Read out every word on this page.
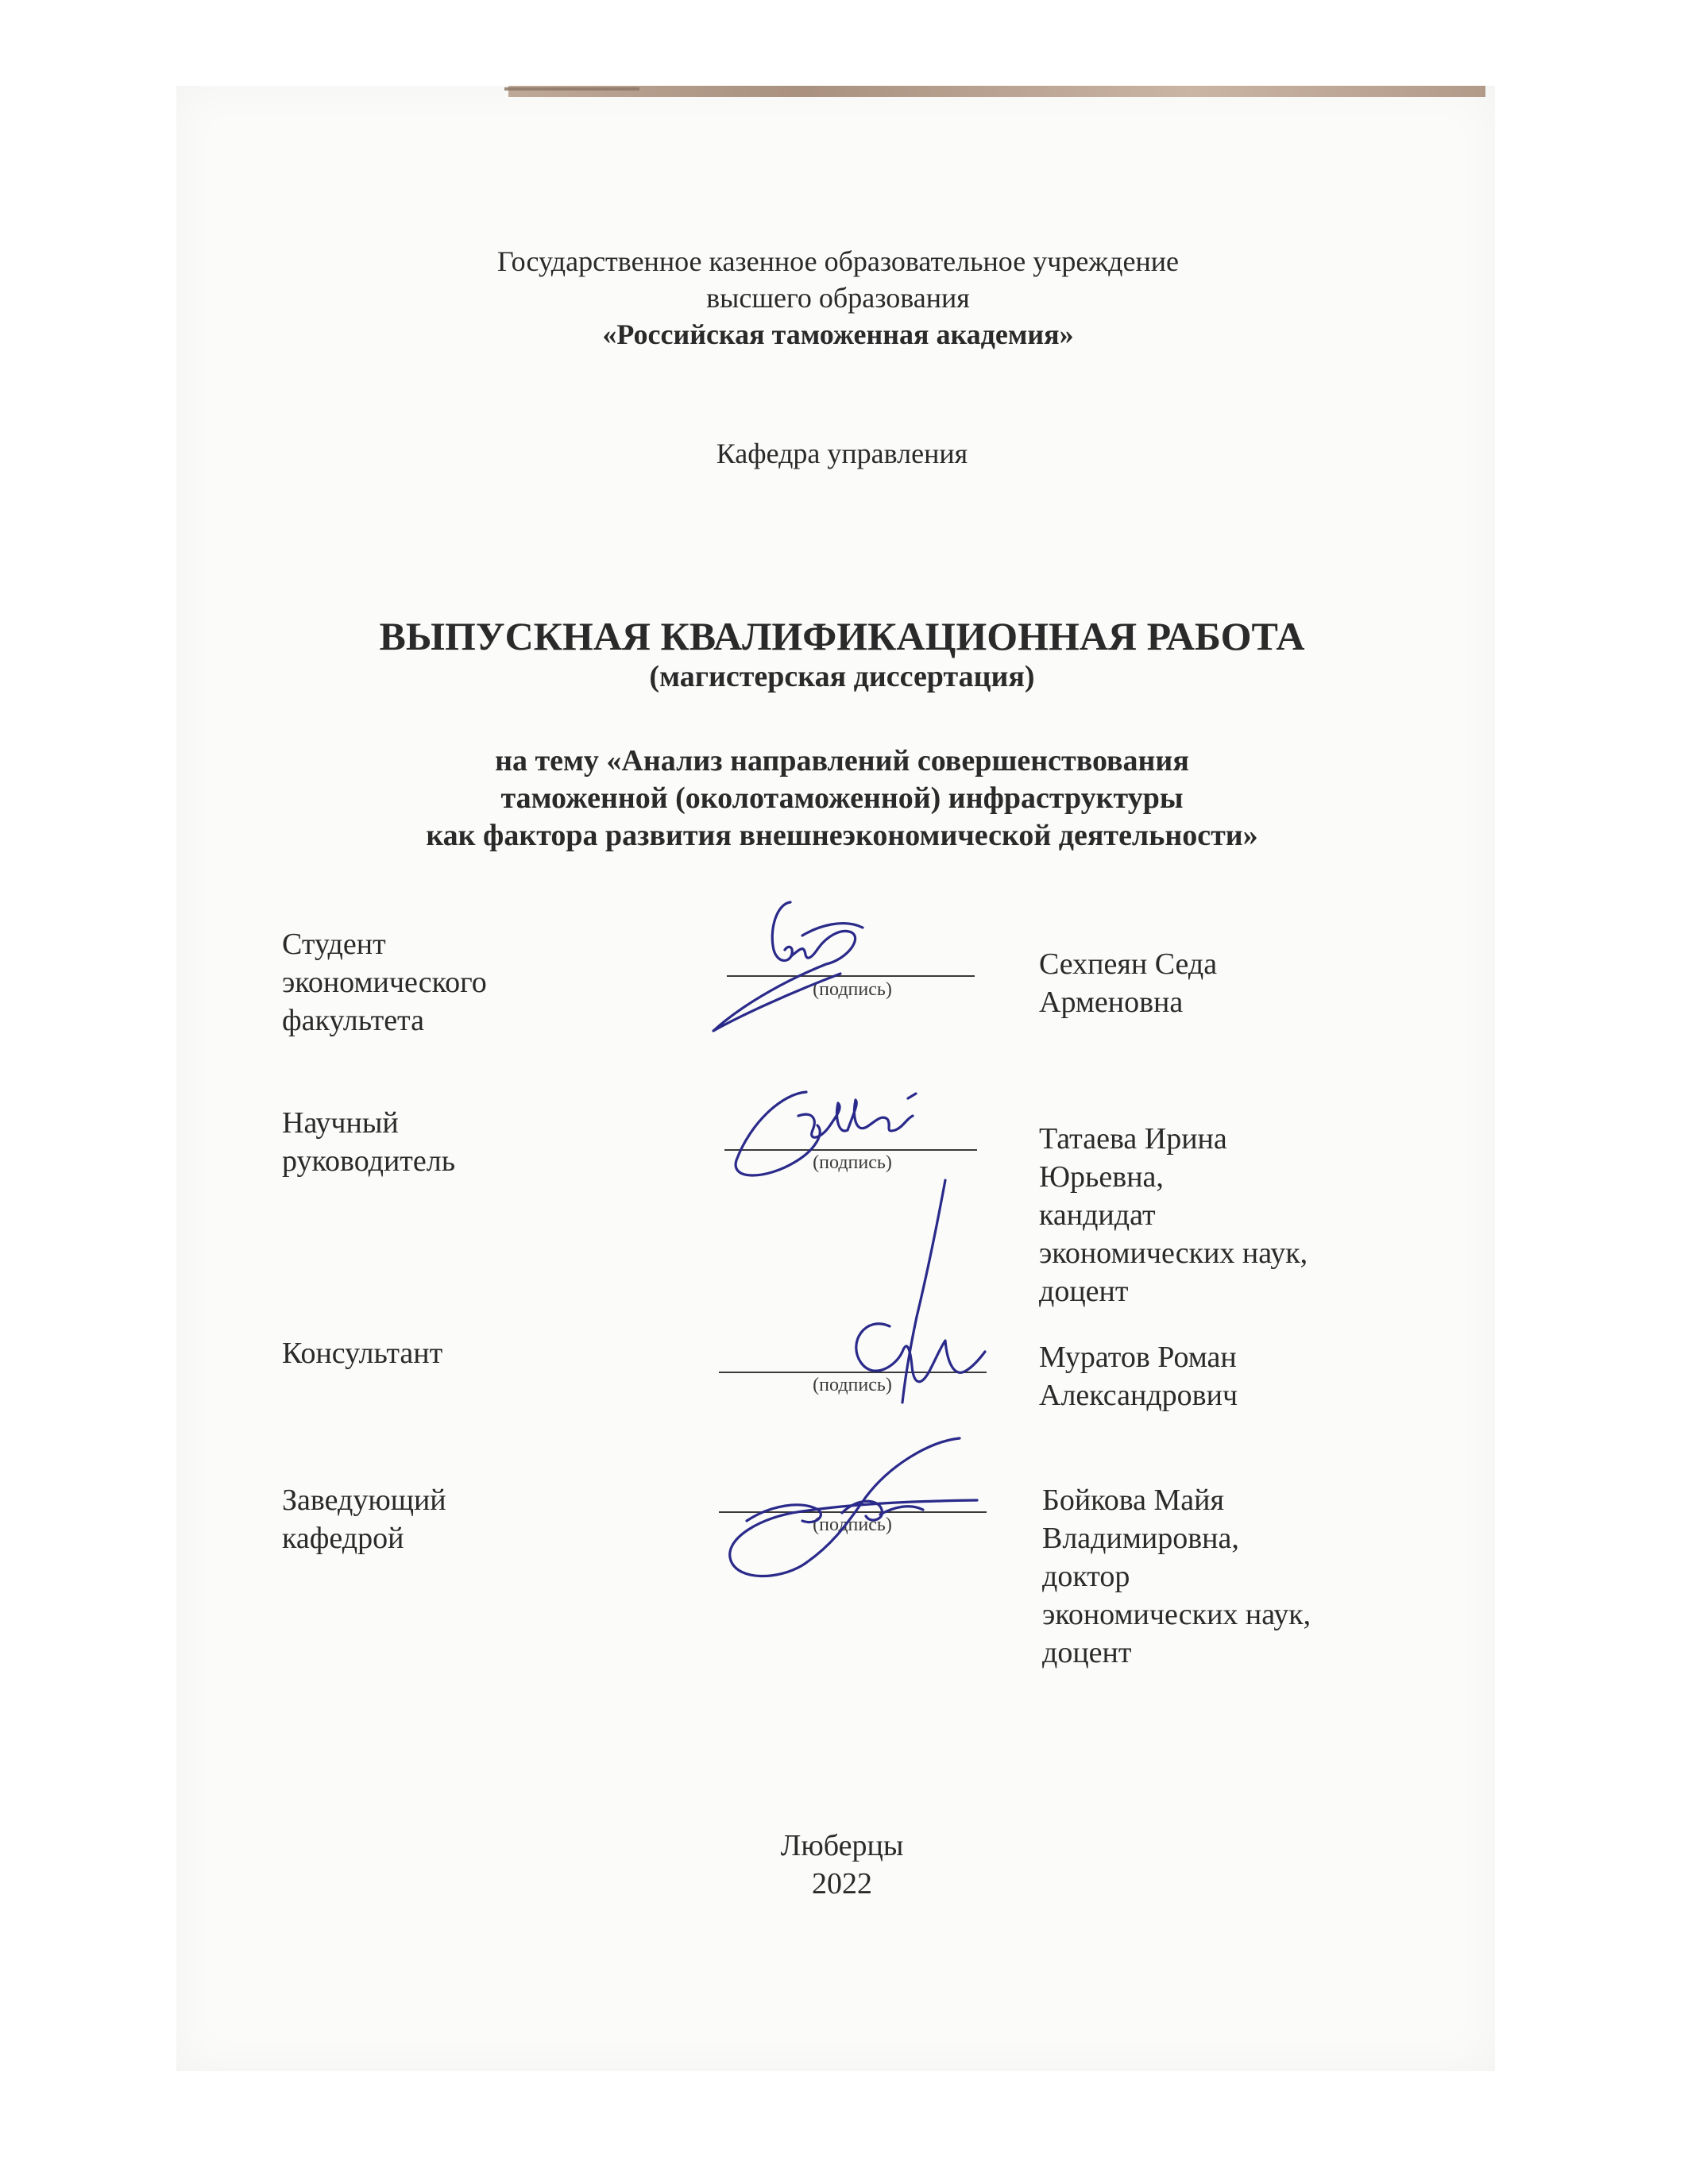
Государственное казенное образовательное учреждение
высшего образования
«Российская таможенная академия»
Кафедра управления
ВЫПУСКНАЯ КВАЛИФИКАЦИОННАЯ РАБОТА
(магистерская диссертация)
на тему «Анализ направлений совершенствования
таможенной (околотаможенной) инфраструктуры
как фактора развития внешнеэкономической деятельности»
Студент
экономического
факультета
(подпись)
Сехпеян Седа
Арменовна
Научный
руководитель	(подпись)
Татаева Ирина
Юрьевна,
кандидат
экономических наук,
доцент
Консультант
(подпись)
Муратов Роман
Александрович
Заведующий
кафедрой	(подпись)
Бойкова Майя
Владимировна,
доктор
экономических наук,
доцент
Люберцы
2022
